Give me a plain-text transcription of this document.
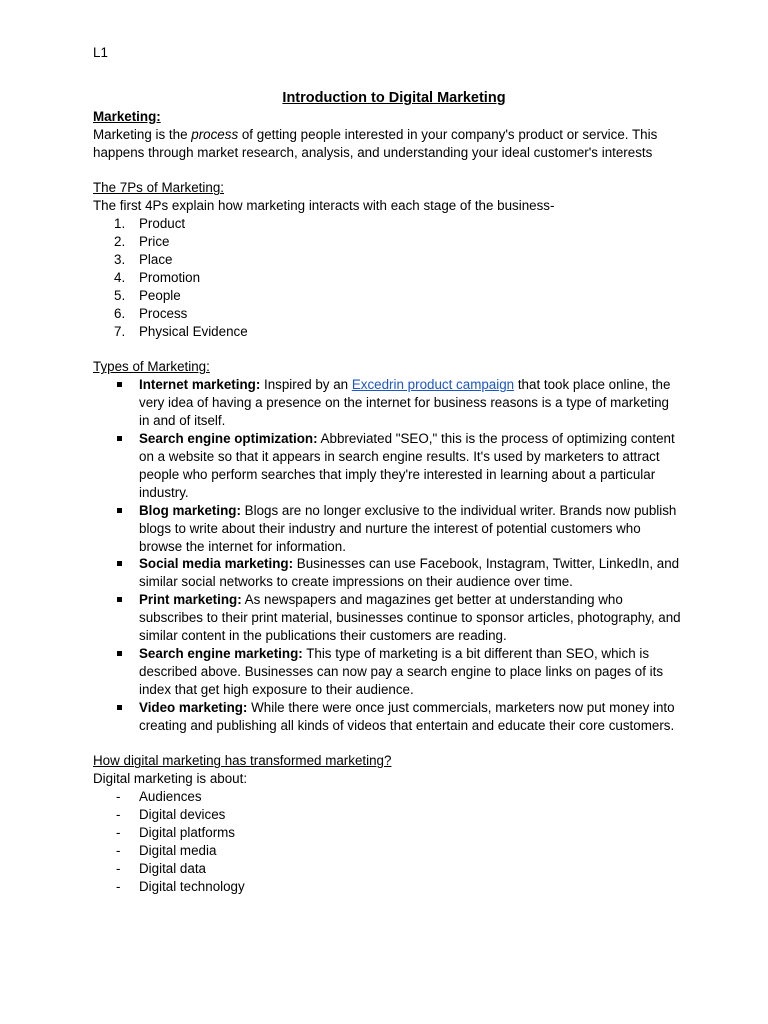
L1

Introduction to Digital Marketing

Marketing:

Marketing is the process of getting people interested in your company's product or service. This happens through market research, analysis, and understanding your ideal customer's interests

The 7Ps of Marketing:

The first 4Ps explain how marketing interacts with each stage of the business-

1.	Product
2.	Price
3.	Place
4.	Promotion
5.	People
6.	Process
7.	Physical Evidence

Types of Marketing:

Internet marketing: Inspired by an Excedrin product campaign that took place online, the very idea of having a presence on the internet for business reasons is a type of marketing in and of itself.
Search engine optimization: Abbreviated "SEO," this is the process of optimizing content on a website so that it appears in search engine results. It's used by marketers to attract people who perform searches that imply they're interested in learning about a particular industry.
Blog marketing: Blogs are no longer exclusive to the individual writer. Brands now publish blogs to write about their industry and nurture the interest of potential customers who browse the internet for information.
Social media marketing: Businesses can use Facebook, Instagram, Twitter, LinkedIn, and similar social networks to create impressions on their audience over time.
Print marketing: As newspapers and magazines get better at understanding who subscribes to their print material, businesses continue to sponsor articles, photography, and similar content in the publications their customers are reading.
Search engine marketing: This type of marketing is a bit different than SEO, which is described above. Businesses can now pay a search engine to place links on pages of its index that get high exposure to their audience.
Video marketing: While there were once just commercials, marketers now put money into creating and publishing all kinds of videos that entertain and educate their core customers.

How digital marketing has transformed marketing?

Digital marketing is about:

- Audiences
- Digital devices
- Digital platforms
- Digital media
- Digital data
- Digital technology
